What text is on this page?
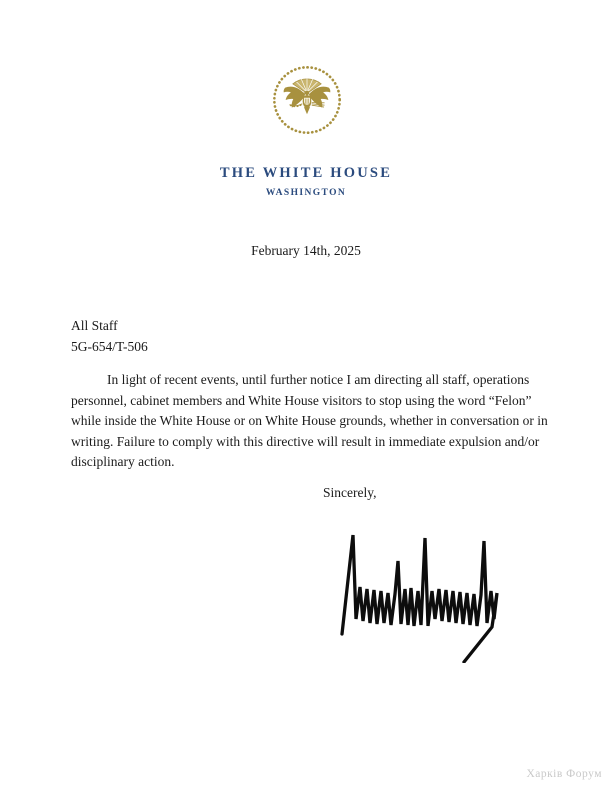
THE WHITE HOUSE
WASHINGTON
February 14th, 2025
All Staff
5G-654/T-506
In light of recent events, until further notice I am directing all staff, operations
personnel, cabinet members and White House visitors to stop using the word “Felon”
while inside the White House or on White House grounds, whether in conversation or in
writing. Failure to comply with this directive will result in immediate expulsion and/or
disciplinary action.
Sincerely,
Харків Форум
